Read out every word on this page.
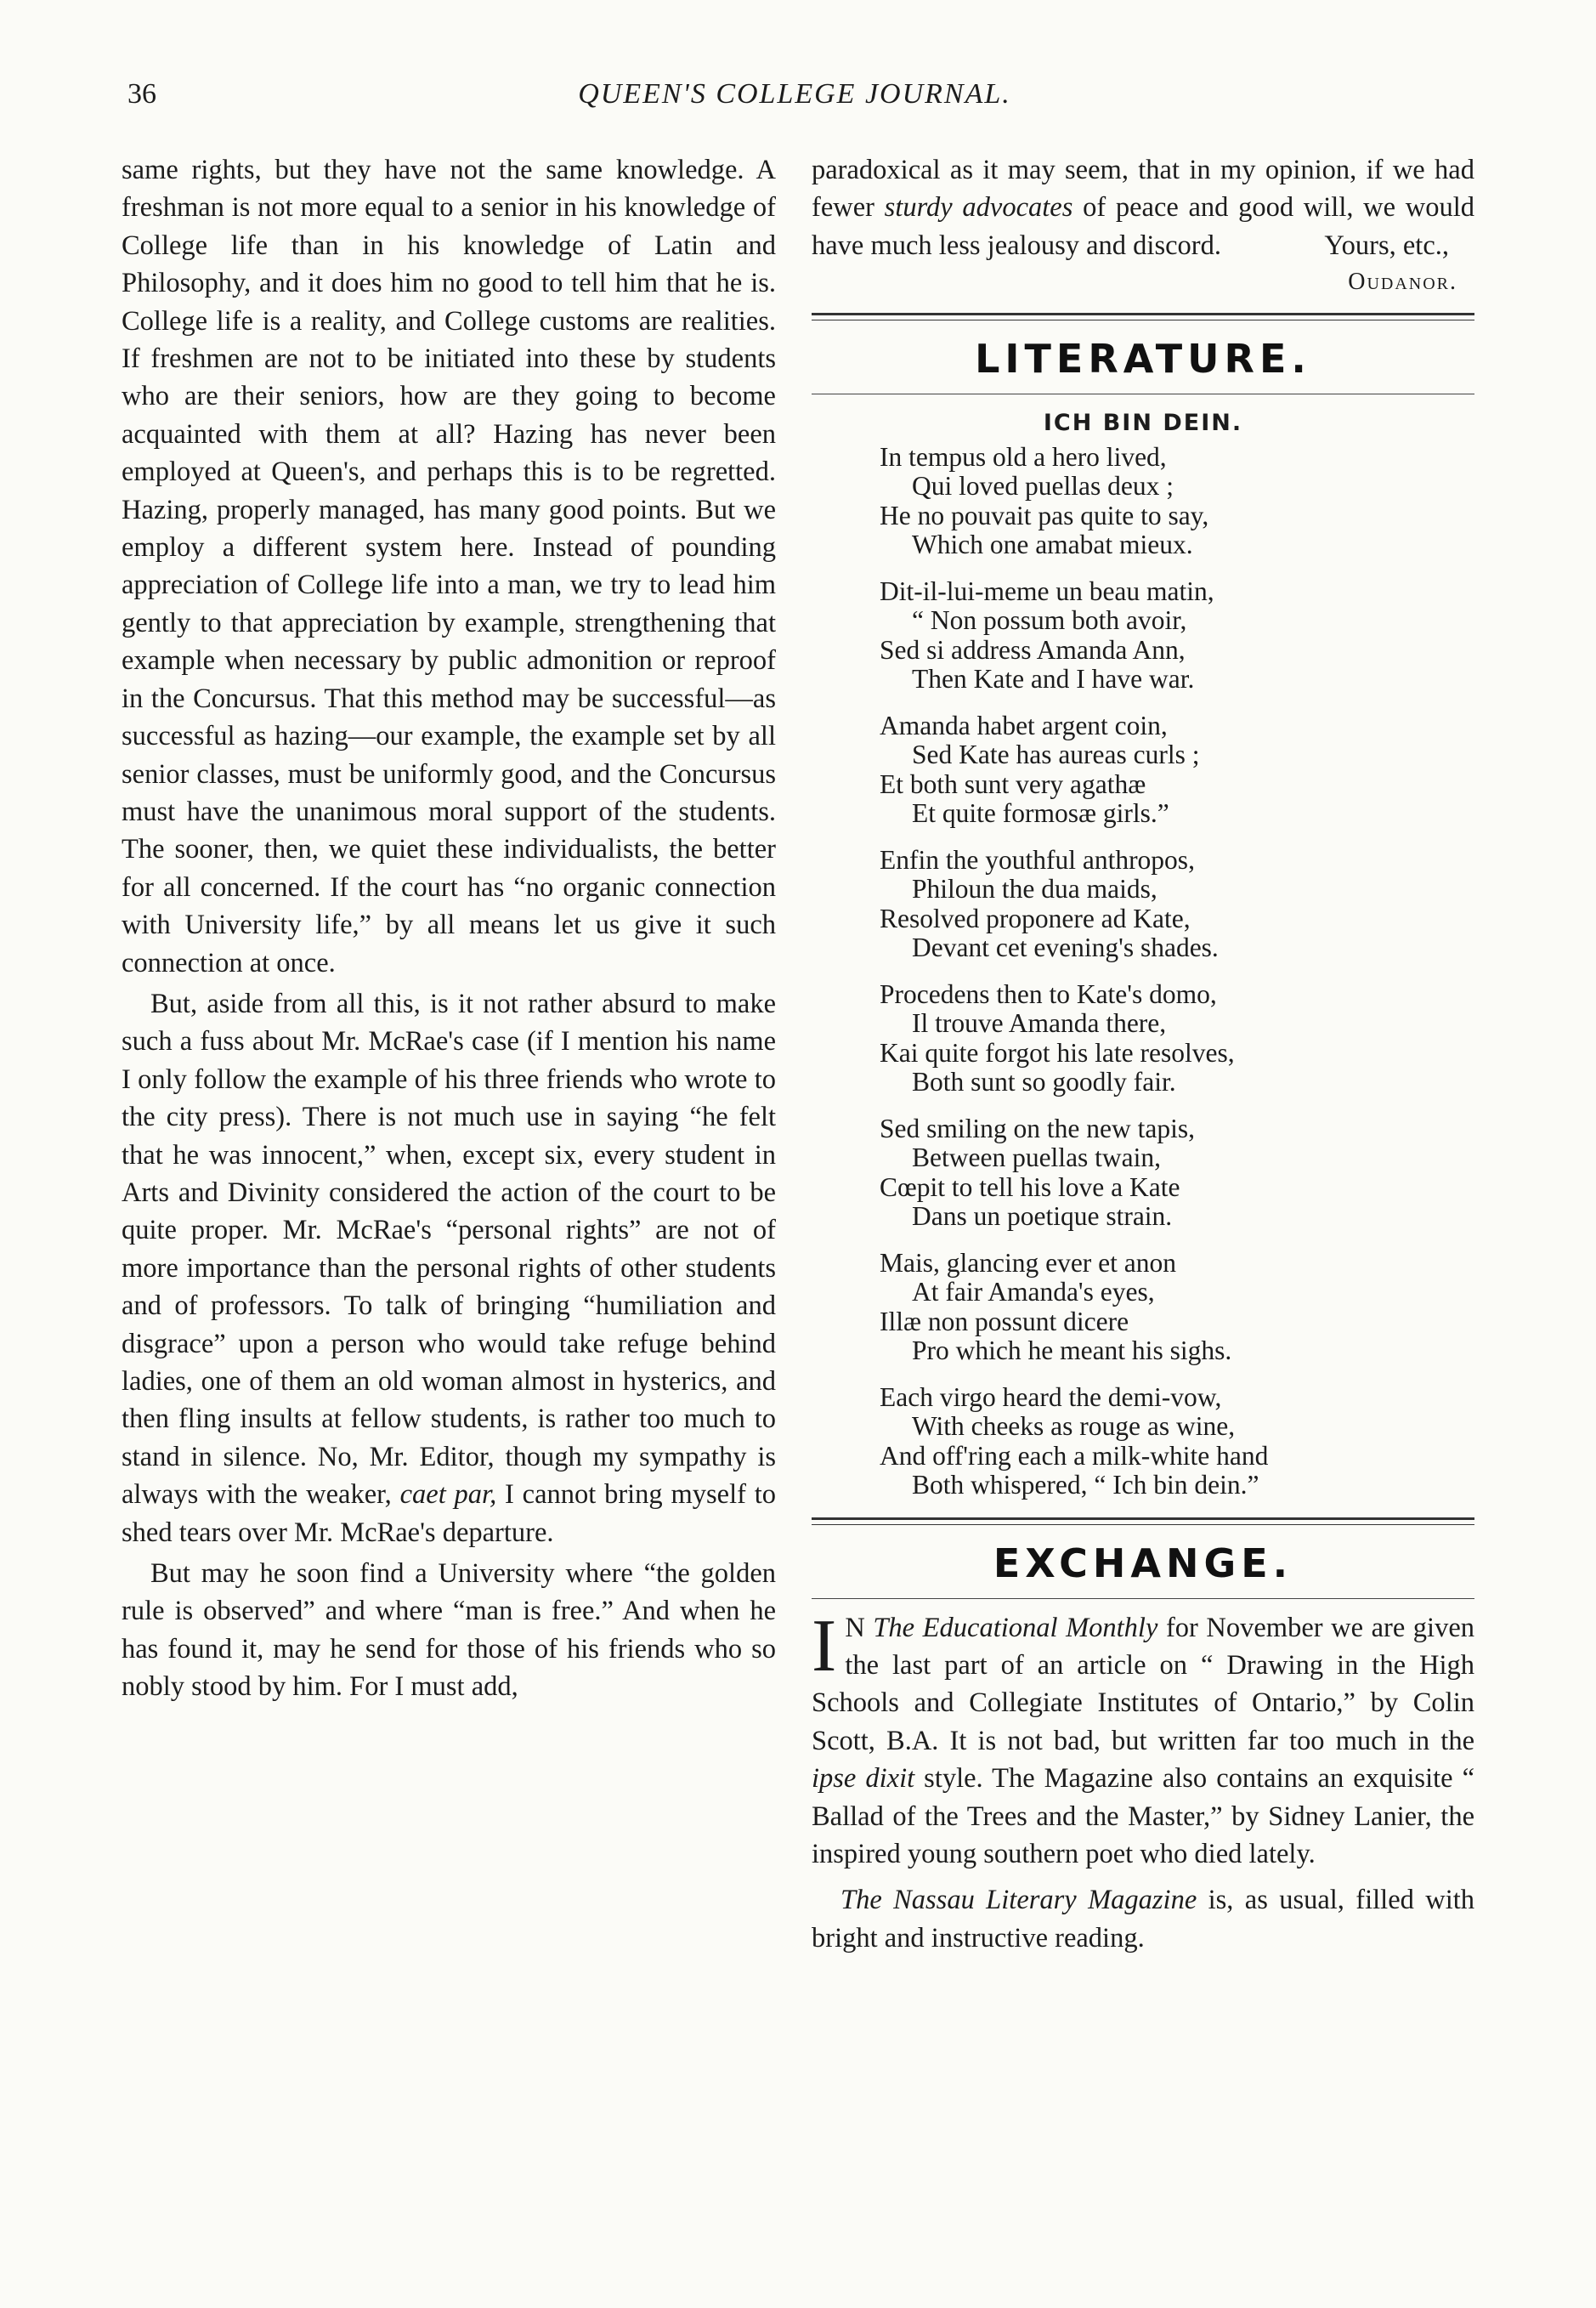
36	QUEEN'S COLLEGE JOURNAL.

same rights, but they have not the same knowledge. A freshman is not more equal to a senior in his knowledge of College life than in his knowledge of Latin and Philosophy, and it does him no good to tell him that he is. College life is a reality, and College customs are realities. If freshmen are not to be initiated into these by students who are their seniors, how are they going to become acquainted with them at all? Hazing has never been employed at Queen's, and perhaps this is to be regretted. Hazing, properly managed, has many good points. But we employ a different system here. Instead of pounding appreciation of College life into a man, we try to lead him gently to that appreciation by example, strengthening that example when necessary by public admonition or reproof in the Concursus. That this method may be successful—as successful as hazing—our example, the example set by all senior classes, must be uniformly good, and the Concursus must have the unanimous moral support of the students. The sooner, then, we quiet these individualists, the better for all concerned. If the court has “no organic connection with University life,” by all means let us give it such connection at once.

But, aside from all this, is it not rather absurd to make such a fuss about Mr. McRae's case (if I mention his name I only follow the example of his three friends who wrote to the city press). There is not much use in saying “he felt that he was innocent,” when, except six, every student in Arts and Divinity considered the action of the court to be quite proper. Mr. McRae's “personal rights” are not of more importance than the personal rights of other students and of professors. To talk of bringing “humiliation and disgrace” upon a person who would take refuge behind ladies, one of them an old woman almost in hysterics, and then fling insults at fellow students, is rather too much to stand in silence. No, Mr. Editor, though my sympathy is always with the weaker, caet par, I cannot bring myself to shed tears over Mr. McRae's departure.

But may he soon find a University where “the golden rule is observed” and where “man is free.” And when he has found it, may he send for those of his friends who so nobly stood by him. For I must add,

paradoxical as it may seem, that in my opinion, if we had fewer sturdy advocates of peace and good will, we would have much less jealousy and discord.	Yours, etc.,
Oudanor.
LITERATURE.
ICH BIN DEIN.
In tempus old a hero lived,
Qui loved puellas deux ;
He no pouvait pas quite to say,
Which one amabat mieux.
Dit-il-lui-meme un beau matin,
“ Non possum both avoir,
Sed si address Amanda Ann,
Then Kate and I have war.
Amanda habet argent coin,
Sed Kate has aureas curls ;
Et both sunt very agathæ
Et quite formosæ girls.”
Enfin the youthful anthropos,
Philoun the dua maids,
Resolved proponere ad Kate,
Devant cet evening's shades.
Procedens then to Kate's domo,
Il trouve Amanda there,
Kai quite forgot his late resolves,
Both sunt so goodly fair.
Sed smiling on the new tapis,
Between puellas twain,
Cœpit to tell his love a Kate
Dans un poetique strain.
Mais, glancing ever et anon
At fair Amanda's eyes,
Illæ non possunt dicere
Pro which he meant his sighs.
Each virgo heard the demi-vow,
With cheeks as rouge as wine,
And off'ring each a milk-white hand
Both whispered, “ Ich bin dein.”
EXCHANGE.

I N The Educational Monthly for November we are given the last part of an article on “ Drawing in the High Schools and Collegiate Institutes of Ontario,” by Colin Scott, B.A. It is not bad, but written far too much in the ipse dixit style. The Magazine also contains an exquisite “ Ballad of the Trees and the Master,” by Sidney Lanier, the inspired young southern poet who died lately.

The Nassau Literary Magazine is, as usual, filled with bright and instructive reading.
